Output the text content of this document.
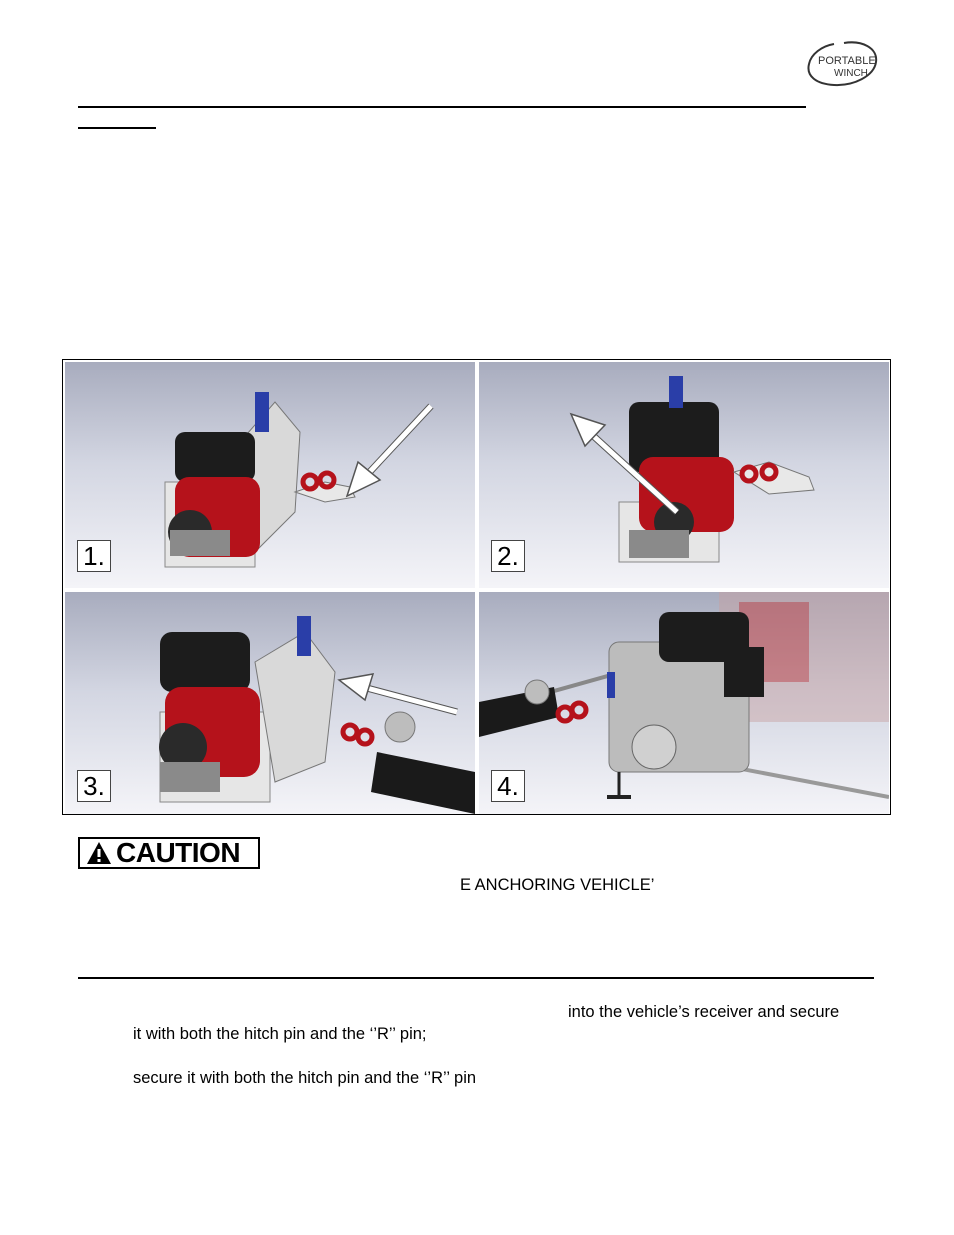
PORTABLE
WINCH
1.	2.
3.	4.
CAUTION
E ANCHORING VEHICLE’
into the vehicle’s receiver and secure
it with both the hitch pin and the ‘’R’’ pin;
secure it with both the hitch pin and the ‘’R’’ pin
